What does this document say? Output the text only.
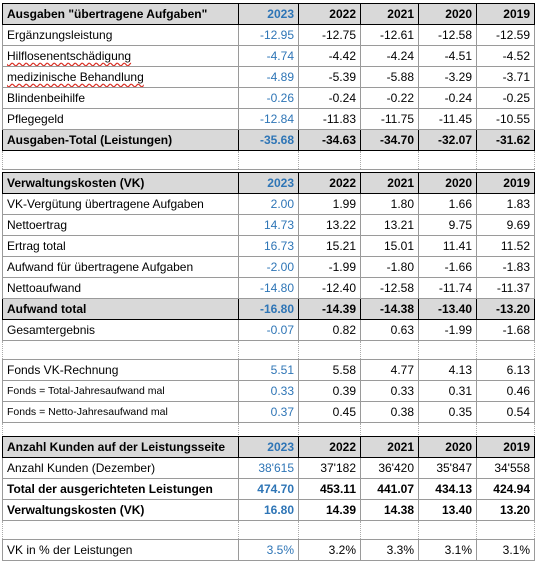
Ausgaben "übertragene Aufgaben"	2023	2022	2021	2020	2019
Ergänzungsleistung	-12.95	-12.75	-12.61	-12.58	-12.59
Hilflosenentschädigung	-4.74	-4.42	-4.24	-4.51	-4.52
medizinische Behandlung	-4.89	-5.39	-5.88	-3.29	-3.71
Blindenbeihilfe	-0.26	-0.24	-0.22	-0.24	-0.25
Pflegegeld	-12.84	-11.83	-11.75	-11.45	-10.55
Ausgaben-Total (Leistungen)	-35.68	-34.63	-34.70	-32.07	-31.62

Verwaltungskosten (VK)	2023	2022	2021	2020	2019
VK-Vergütung übertragene Aufgaben	2.00	1.99	1.80	1.66	1.83
Nettoertrag	14.73	13.22	13.21	9.75	9.69
Ertrag total	16.73	15.21	15.01	11.41	11.52
Aufwand für übertragene Aufgaben	-2.00	-1.99	-1.80	-1.66	-1.83
Nettoaufwand	-14.80	-12.40	-12.58	-11.74	-11.37
Aufwand total	-16.80	-14.39	-14.38	-13.40	-13.20
Gesamtergebnis	-0.07	0.82	0.63	-1.99	-1.68

Fonds VK-Rechnung	5.51	5.58	4.77	4.13	6.13
Fonds = Total-Jahresaufwand mal	0.33	0.39	0.33	0.31	0.46
Fonds = Netto-Jahresaufwand mal	0.37	0.45	0.38	0.35	0.54

Anzahl Kunden auf der Leistungsseite	2023	2022	2021	2020	2019
Anzahl Kunden (Dezember)	38'615	37'182	36'420	35'847	34'558
Total der ausgerichteten Leistungen	474.70	453.11	441.07	434.13	424.94
Verwaltungskosten (VK)	16.80	14.39	14.38	13.40	13.20

VK in % der Leistungen	3.5%	3.2%	3.3%	3.1%	3.1%
